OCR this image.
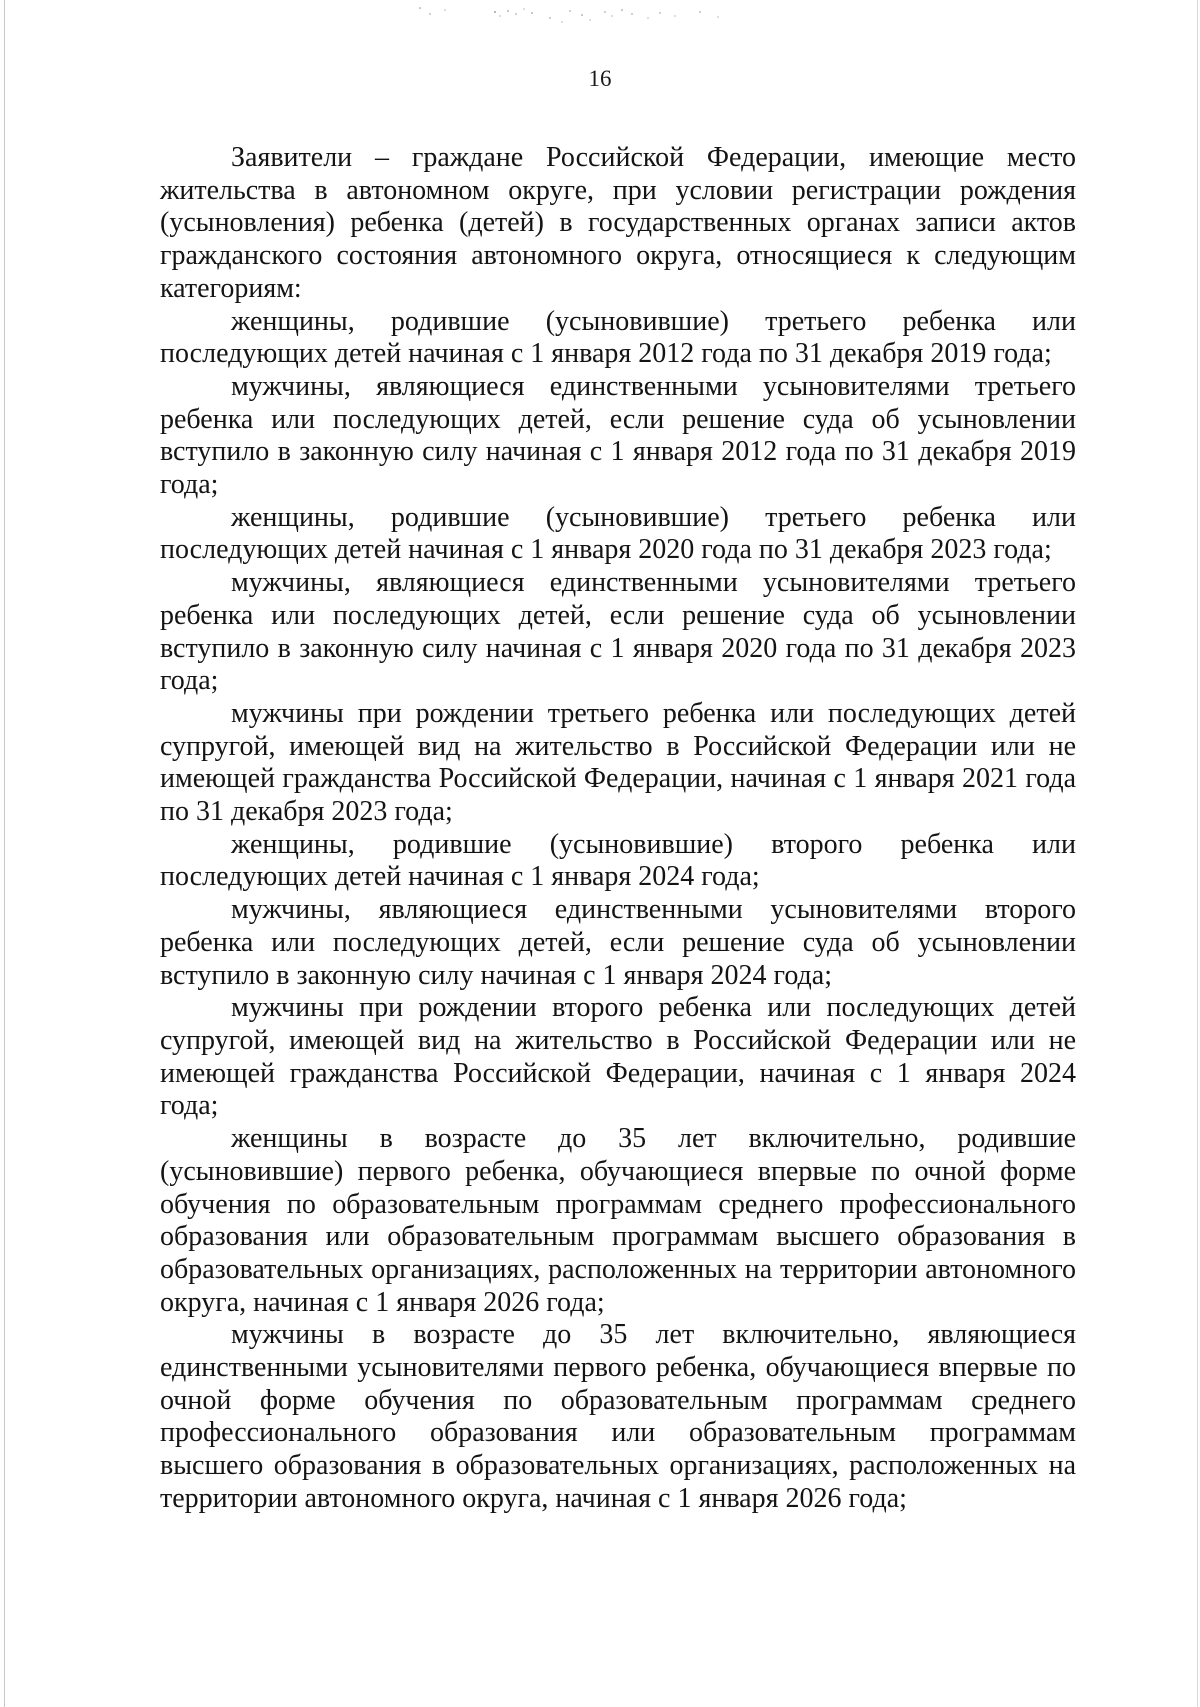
16

Заявители – граждане Российской Федерации, имеющие место жительства в автономном округе, при условии регистрации рождения (усыновления) ребенка (детей) в государственных органах записи актов гражданского состояния автономного округа, относящиеся к следующим категориям:

женщины, родившие (усыновившие) третьего ребенка или последующих детей начиная с 1 января 2012 года по 31 декабря 2019 года;

мужчины, являющиеся единственными усыновителями третьего ребенка или последующих детей, если решение суда об усыновлении вступило в законную силу начиная с 1 января 2012 года по 31 декабря 2019 года;

женщины, родившие (усыновившие) третьего ребенка или последующих детей начиная с 1 января 2020 года по 31 декабря 2023 года;

мужчины, являющиеся единственными усыновителями третьего ребенка или последующих детей, если решение суда об усыновлении вступило в законную силу начиная с 1 января 2020 года по 31 декабря 2023 года;

мужчины при рождении третьего ребенка или последующих детей супругой, имеющей вид на жительство в Российской Федерации или не имеющей гражданства Российской Федерации, начиная с 1 января 2021 года по 31 декабря 2023 года;

женщины, родившие (усыновившие) второго ребенка или последующих детей начиная с 1 января 2024 года;

мужчины, являющиеся единственными усыновителями второго ребенка или последующих детей, если решение суда об усыновлении вступило в законную силу начиная с 1 января 2024 года;

мужчины при рождении второго ребенка или последующих детей супругой, имеющей вид на жительство в Российской Федерации или не имеющей гражданства Российской Федерации, начиная с 1 января 2024 года;

женщины в возрасте до 35 лет включительно, родившие (усыновившие) первого ребенка, обучающиеся впервые по очной форме обучения по образовательным программам среднего профессионального образования или образовательным программам высшего образования в образовательных организациях, расположенных на территории автономного округа, начиная с 1 января 2026 года;

мужчины в возрасте до 35 лет включительно, являющиеся единственными усыновителями первого ребенка, обучающиеся впервые по очной форме обучения по образовательным программам среднего профессионального образования или образовательным программам высшего образования в образовательных организациях, расположенных на территории автономного округа, начиная с 1 января 2026 года;
